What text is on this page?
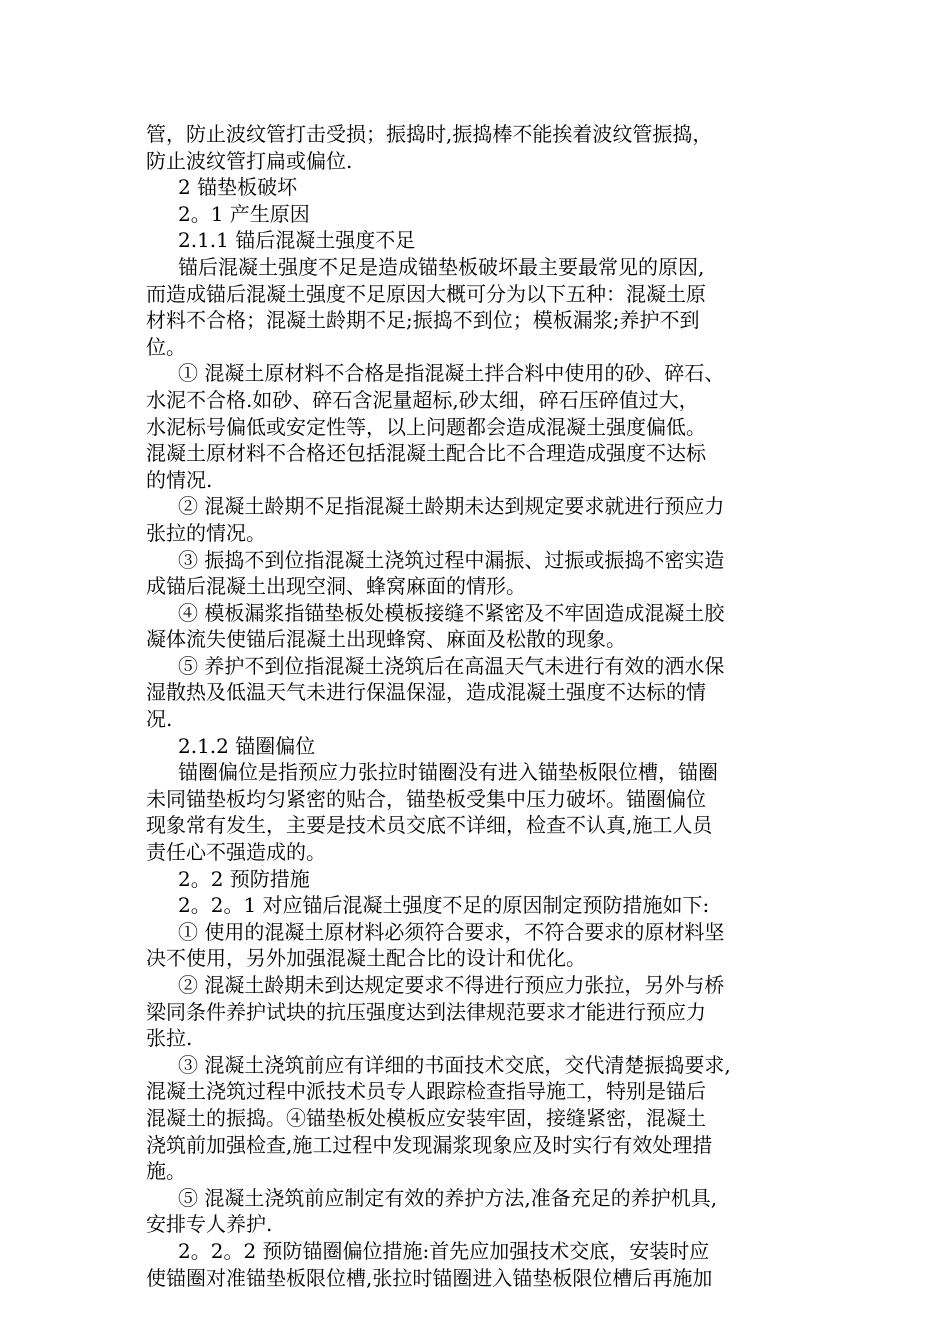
管，防止波纹管打击受损；振捣时,振捣棒不能挨着波纹管振捣，

防止波纹管打扁或偏位.

2 锚垫板破坏

2。1 产生原因

2.1.1 锚后混凝土强度不足

锚后混凝土强度不足是造成锚垫板破坏最主要最常见的原因,

而造成锚后混凝土强度不足原因大概可分为以下五种：混凝土原

材料不合格；混凝土龄期不足;振捣不到位；模板漏浆;养护不到

位。

① 混凝土原材料不合格是指混凝土拌合料中使用的砂、碎石、

水泥不合格.如砂、碎石含泥量超标,砂太细，碎石压碎值过大，

水泥标号偏低或安定性等，以上问题都会造成混凝土强度偏低。

混凝土原材料不合格还包括混凝土配合比不合理造成强度不达标

的情况.

② 混凝土龄期不足指混凝土龄期未达到规定要求就进行预应力

张拉的情况。

③ 振捣不到位指混凝土浇筑过程中漏振、过振或振捣不密实造

成锚后混凝土出现空洞、蜂窝麻面的情形。

④ 模板漏浆指锚垫板处模板接缝不紧密及不牢固造成混凝土胶

凝体流失使锚后混凝土出现蜂窝、麻面及松散的现象。

⑤ 养护不到位指混凝土浇筑后在高温天气未进行有效的洒水保

湿散热及低温天气未进行保温保湿，造成混凝土强度不达标的情

况.

2.1.2 锚圈偏位

锚圈偏位是指预应力张拉时锚圈没有进入锚垫板限位槽，锚圈

未同锚垫板均匀紧密的贴合，锚垫板受集中压力破坏。锚圈偏位

现象常有发生，主要是技术员交底不详细，检查不认真,施工人员

责任心不强造成的。

2。2 预防措施

2。2。1 对应锚后混凝土强度不足的原因制定预防措施如下:

① 使用的混凝土原材料必须符合要求，不符合要求的原材料坚

决不使用，另外加强混凝土配合比的设计和优化。

② 混凝土龄期未到达规定要求不得进行预应力张拉，另外与桥

梁同条件养护试块的抗压强度达到法律规范要求才能进行预应力

张拉.

③ 混凝土浇筑前应有详细的书面技术交底，交代清楚振捣要求,

混凝土浇筑过程中派技术员专人跟踪检查指导施工，特别是锚后

混凝土的振捣。④锚垫板处模板应安装牢固，接缝紧密，混凝土

浇筑前加强检查,施工过程中发现漏浆现象应及时实行有效处理措

施。

⑤ 混凝土浇筑前应制定有效的养护方法,准备充足的养护机具,

安排专人养护.

2。2。2 预防锚圈偏位措施:首先应加强技术交底，安装时应

使锚圈对准锚垫板限位槽,张拉时锚圈进入锚垫板限位槽后再施加
